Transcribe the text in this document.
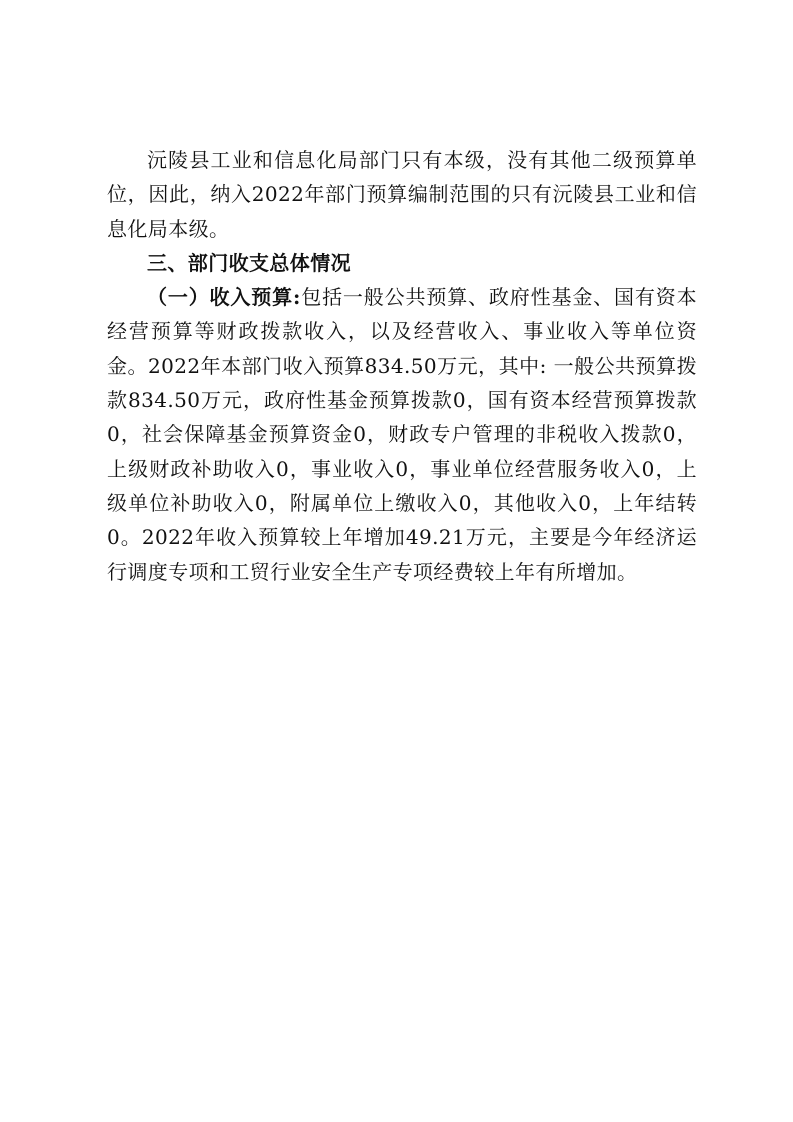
沅陵县工业和信息化局部门只有本级，没有其他二级预算单位，因此，纳入2022年部门预算编制范围的只有沅陵县工业和信息化局本级。

三、部门收支总体情况

（一）收入预算:包括一般公共预算、政府性基金、国有资本经营预算等财政拨款收入，以及经营收入、事业收入等单位资金。2022年本部门收入预算834.50万元，其中: 一般公共预算拨款834.50万元，政府性基金预算拨款0，国有资本经营预算拨款0，社会保障基金预算资金0，财政专户管理的非税收入拨款0，上级财政补助收入0，事业收入0，事业单位经营服务收入0，上级单位补助收入0，附属单位上缴收入0，其他收入0，上年结转0。2022年收入预算较上年增加49.21万元，主要是今年经济运行调度专项和工贸行业安全生产专项经费较上年有所增加。
